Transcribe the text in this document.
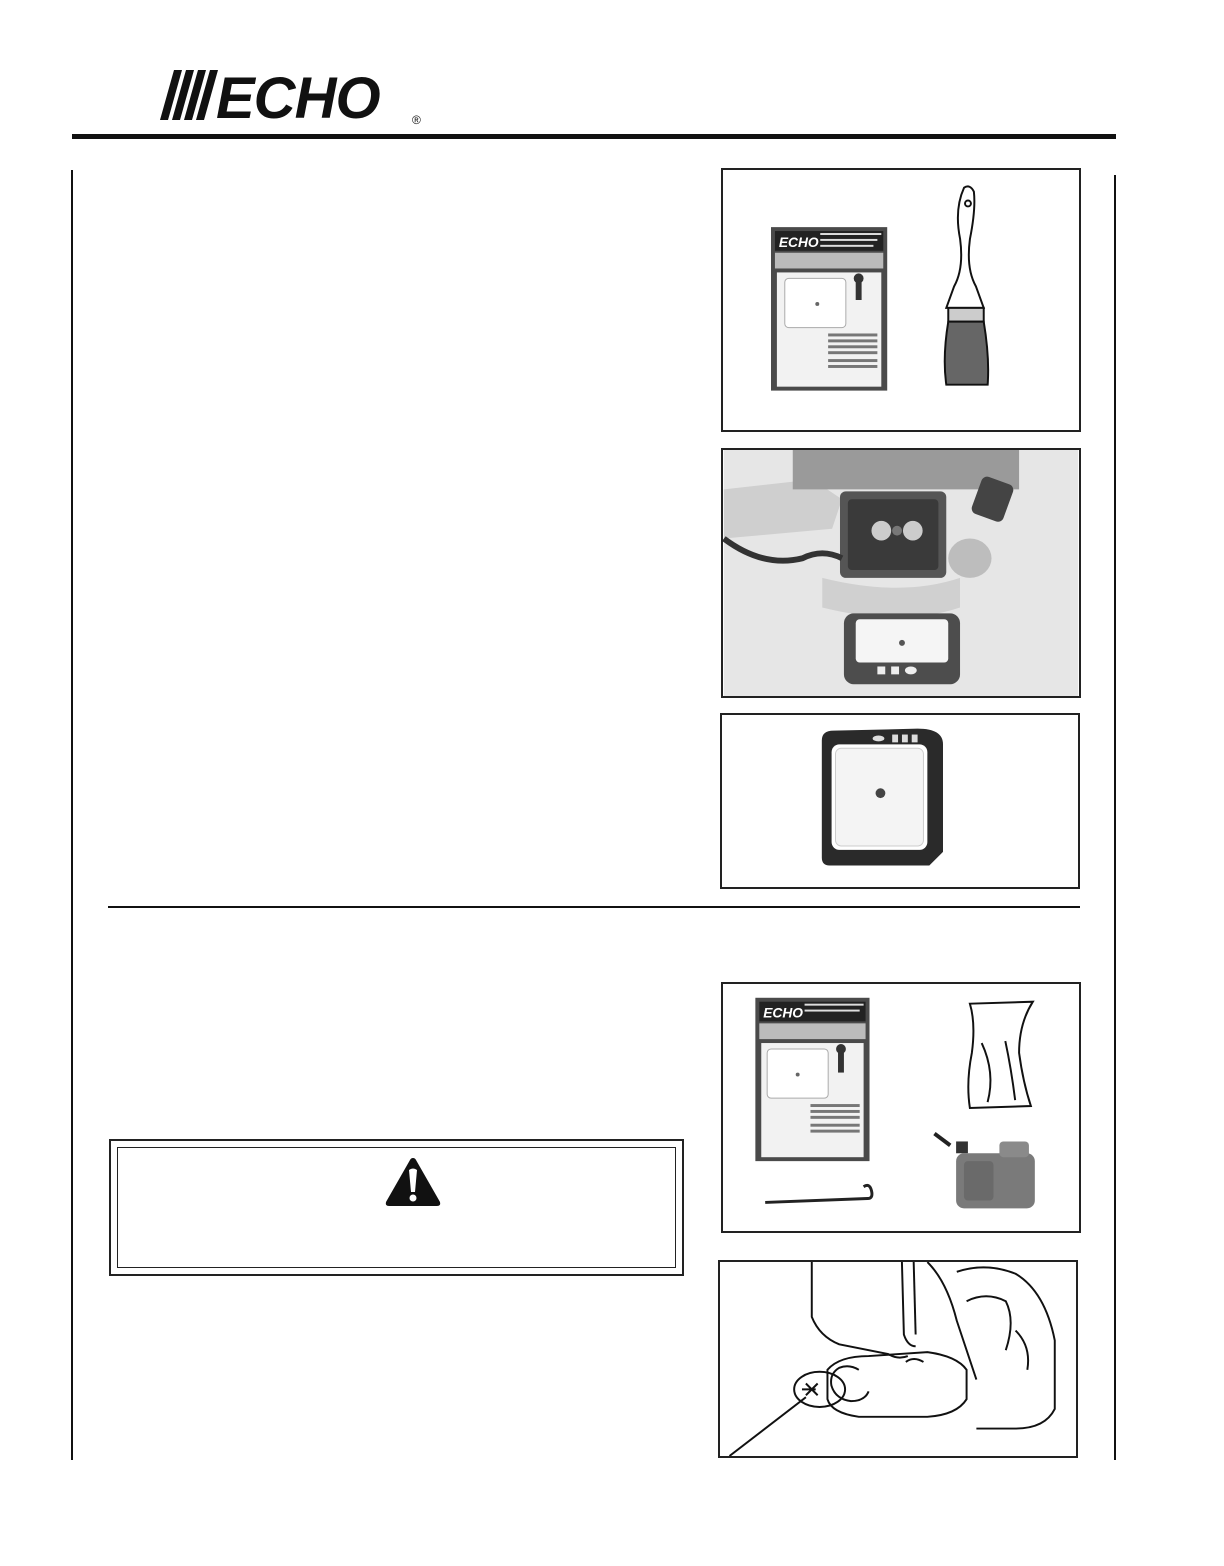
ECHO	®
ECHO
ECHO
